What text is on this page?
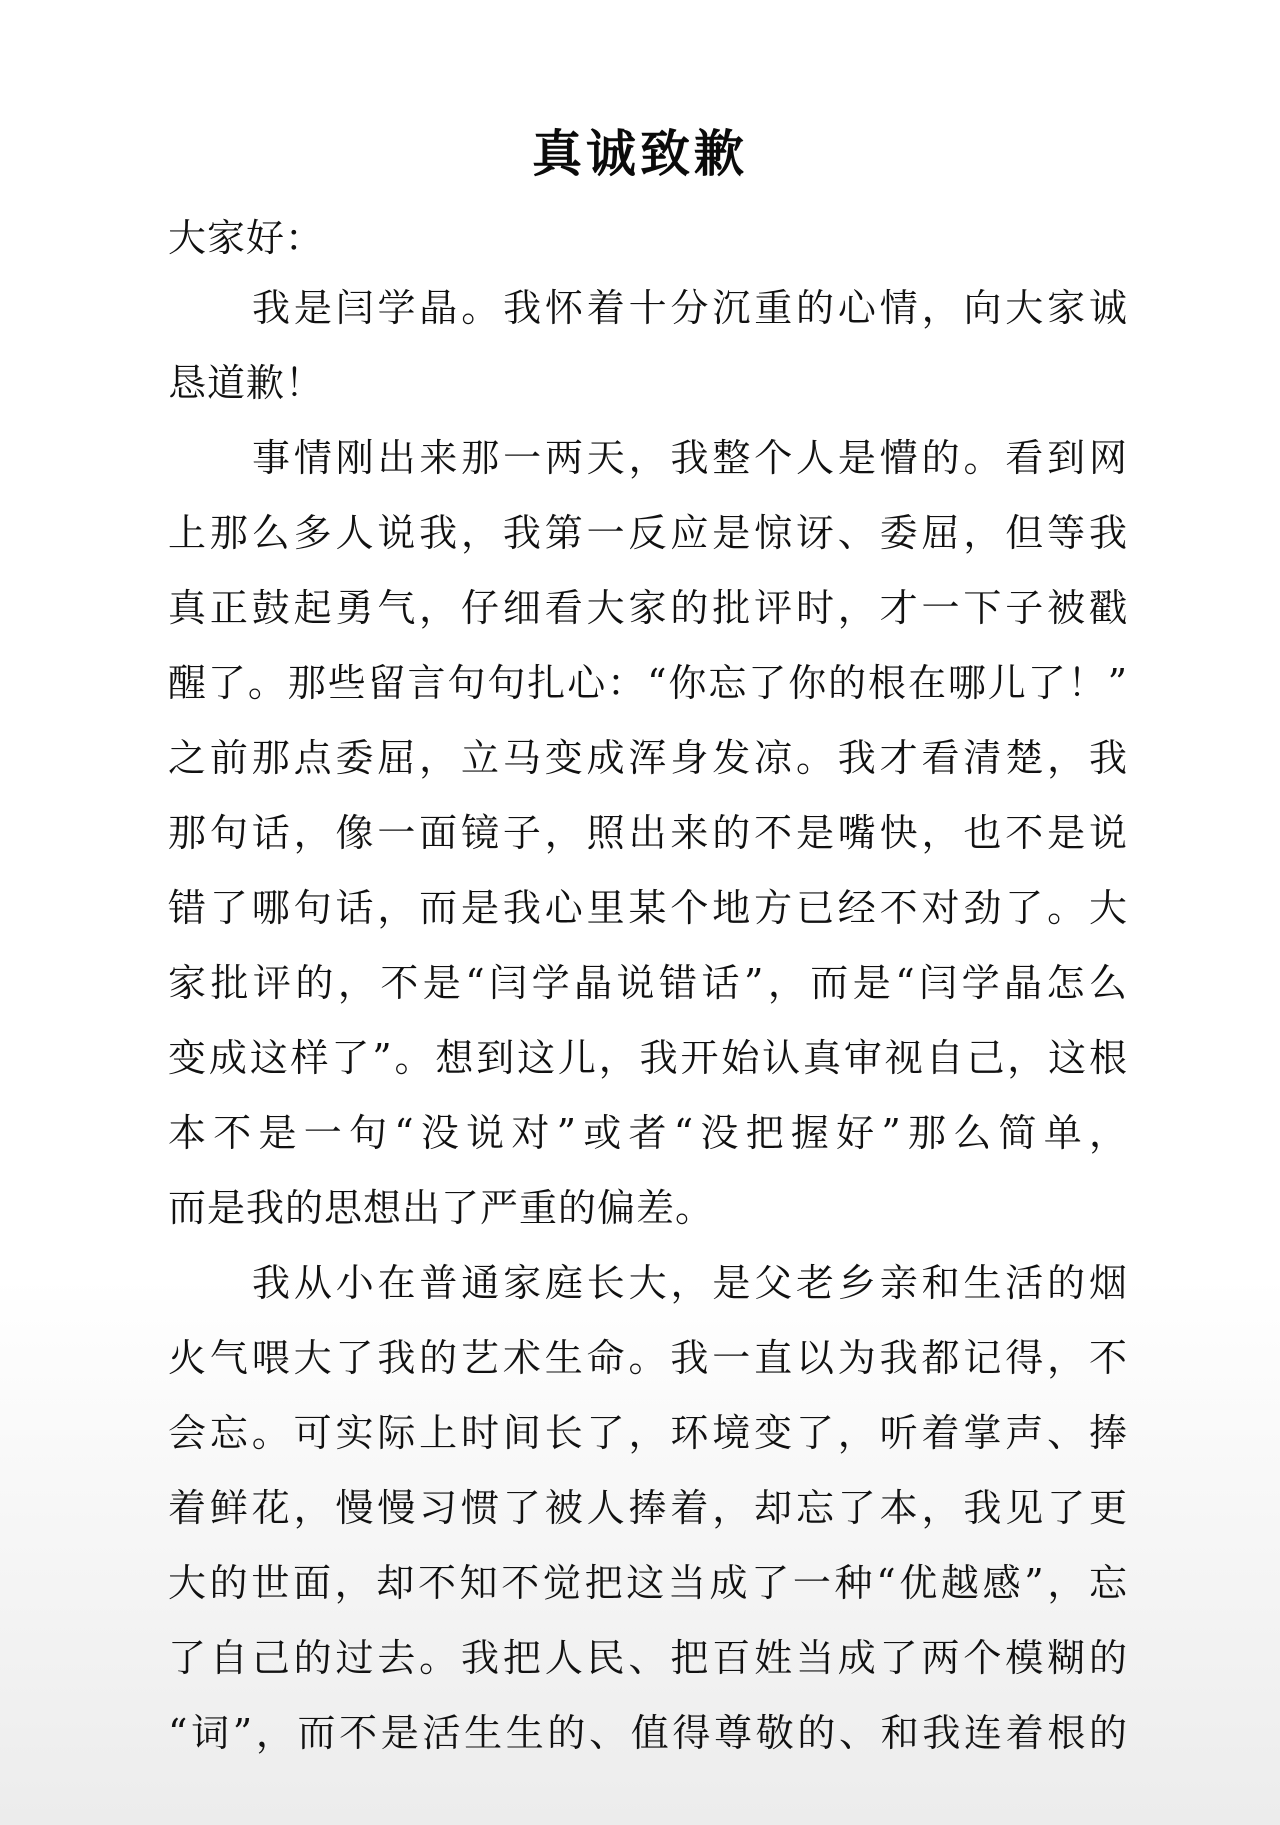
真诚致歉

大家好：

我是闫学晶。我怀着十分沉重的心情，向大家诚
恳道歉！
事情刚出来那一两天，我整个人是懵的。看到网
上那么多人说我，我第一反应是惊讶、委屈，但等我
真正鼓起勇气，仔细看大家的批评时，才一下子被戳
醒了。那些留言句句扎心：“你忘了你的根在哪儿了！”
之前那点委屈，立马变成浑身发凉。我才看清楚，我
那句话，像一面镜子，照出来的不是嘴快，也不是说
错了哪句话，而是我心里某个地方已经不对劲了。大
家批评的，不是“闫学晶说错话”，而是“闫学晶怎么
变成这样了”。想到这儿，我开始认真审视自己，这根
本不是一句“没说对”或者“没把握好”那么简单，
而是我的思想出了严重的偏差。
我从小在普通家庭长大，是父老乡亲和生活的烟
火气喂大了我的艺术生命。我一直以为我都记得，不
会忘。可实际上时间长了，环境变了，听着掌声、捧
着鲜花，慢慢习惯了被人捧着，却忘了本，我见了更
大的世面，却不知不觉把这当成了一种“优越感”，忘
了自己的过去。我把人民、把百姓当成了两个模糊的
“词”，而不是活生生的、值得尊敬的、和我连着根的
